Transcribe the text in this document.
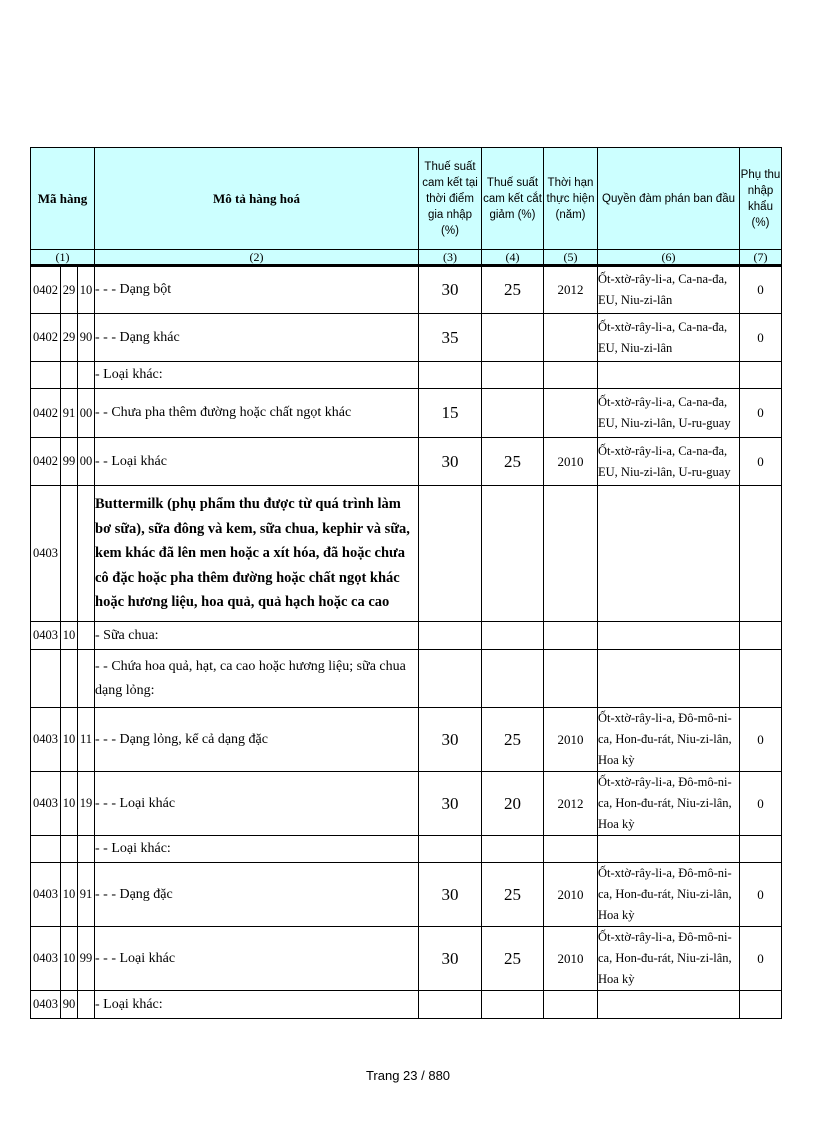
Mã hàng			Mô tả hàng hoá	Thuế suất cam kết tại thời điểm gia nhập (%)	Thuế suất cam kết cắt giảm (%)	Thời hạn thực hiện (năm)	Quyền đàm phán ban đầu	Phụ thu nhập khẩu (%)
(1)			(2)	(3)	(4)	(5)	(6)	(7)
0402	29	10	- - - Dạng bột	30	25	2012	Ốt-xtờ-rây-li-a, Ca-na-đa, EU, Niu-zi-lân	0
0402	29	90	- - - Dạng khác	35			Ốt-xtờ-rây-li-a, Ca-na-đa, EU, Niu-zi-lân	0
			- Loại khác:					
0402	91	00	- - Chưa pha thêm đường hoặc chất ngọt khác	15			Ốt-xtờ-rây-li-a, Ca-na-đa, EU, Niu-zi-lân, U-ru-guay	0
0402	99	00	- - Loại khác	30	25	2010	Ốt-xtờ-rây-li-a, Ca-na-đa, EU, Niu-zi-lân, U-ru-guay	0
0403			Buttermilk (phụ phẩm thu được từ quá trình làm bơ sữa), sữa đông và kem, sữa chua, kephir và sữa, kem khác đã lên men hoặc a xít hóa, đã hoặc chưa cô đặc hoặc pha thêm đường hoặc chất ngọt khác hoặc hương liệu, hoa quả, quả hạch hoặc ca cao					
0403	10		- Sữa chua:					
			- - Chứa hoa quả, hạt, ca cao hoặc hương liệu; sữa chua dạng lỏng:					
0403	10	11	- - - Dạng lỏng, kể cả dạng đặc	30	25	2010	Ốt-xtờ-rây-li-a, Đô-mô-ni-ca, Hon-đu-rát, Niu-zi-lân, Hoa kỳ	0
0403	10	19	- - - Loại khác	30	20	2012	Ốt-xtờ-rây-li-a, Đô-mô-ni-ca, Hon-đu-rát, Niu-zi-lân, Hoa kỳ	0
			- - Loại khác:					
0403	10	91	- - - Dạng đặc	30	25	2010	Ốt-xtờ-rây-li-a, Đô-mô-ni-ca, Hon-đu-rát, Niu-zi-lân, Hoa kỳ	0
0403	10	99	- - - Loại khác	30	25	2010	Ốt-xtờ-rây-li-a, Đô-mô-ni-ca, Hon-đu-rát, Niu-zi-lân, Hoa kỳ	0
0403	90		- Loại khác:					
Trang 23 / 880
